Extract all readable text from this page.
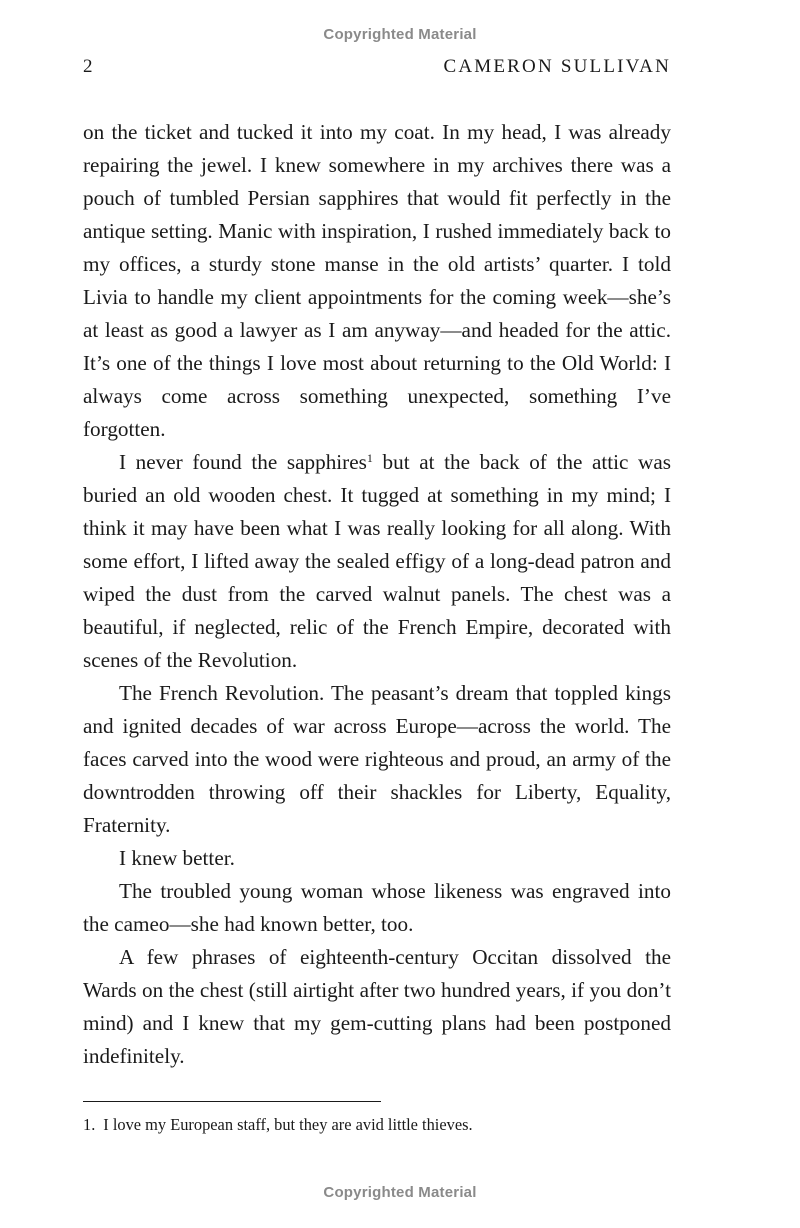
Copyrighted Material
2	CAMERON SULLIVAN

on the ticket and tucked it into my coat. In my head, I was already repairing the jewel. I knew somewhere in my archives there was a pouch of tumbled Persian sapphires that would fit perfectly in the antique setting. Manic with inspiration, I rushed immediately back to my offices, a sturdy stone manse in the old artists’ quarter. I told Livia to handle my client appointments for the coming week—she’s at least as good a lawyer as I am anyway—and headed for the attic. It’s one of the things I love most about returning to the Old World: I always come across something unexpected, something I’ve forgotten.

I never found the sapphires$^1$ but at the back of the attic was buried an old wooden chest. It tugged at something in my mind; I think it may have been what I was really looking for all along. With some effort, I lifted away the sealed effigy of a long-dead patron and wiped the dust from the carved walnut panels. The chest was a beautiful, if neglected, relic of the French Empire, decorated with scenes of the Revolution.

The French Revolution. The peasant’s dream that toppled kings and ignited decades of war across Europe—across the world. The faces carved into the wood were righteous and proud, an army of the downtrodden throwing off their shackles for Liberty, Equality, Fraternity.

I knew better.

The troubled young woman whose likeness was engraved into the cameo—she had known better, too.

A few phrases of eighteenth-century Occitan dissolved the Wards on the chest (still airtight after two hundred years, if you don’t mind) and I knew that my gem-cutting plans had been postponed indefinitely.

1. I love my European staff, but they are avid little thieves.
Copyrighted Material
